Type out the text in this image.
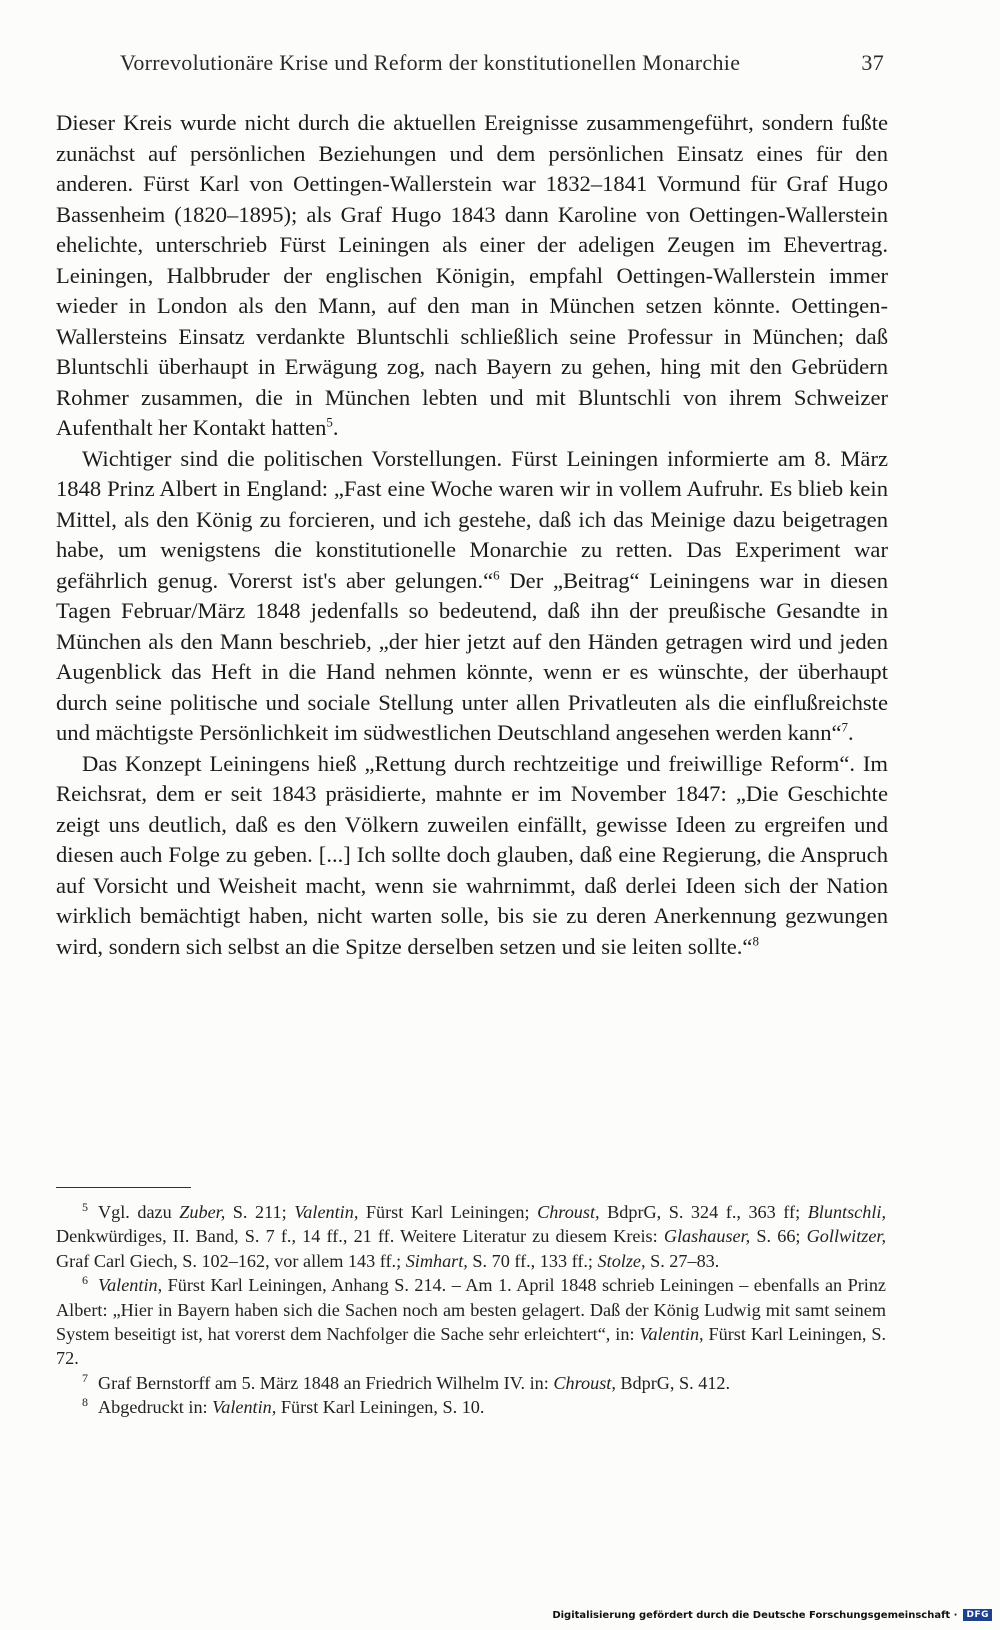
Vorrevolutionäre Krise und Reform der konstitutionellen Monarchie	37

Dieser Kreis wurde nicht durch die aktuellen Ereignisse zusammengeführt, sondern fußte zunächst auf persönlichen Beziehungen und dem persönlichen Einsatz eines für den anderen. Fürst Karl von Oettingen-Wallerstein war 1832–1841 Vormund für Graf Hugo Bassenheim (1820–1895); als Graf Hugo 1843 dann Karoline von Oettingen-Wallerstein ehelichte, unterschrieb Fürst Leiningen als einer der adeligen Zeugen im Ehevertrag. Leiningen, Halbbruder der englischen Königin, empfahl Oettingen-Wallerstein immer wieder in London als den Mann, auf den man in München setzen könnte. Oettingen-Wallersteins Einsatz verdankte Bluntschli schließlich seine Professur in München; daß Bluntschli überhaupt in Erwägung zog, nach Bayern zu gehen, hing mit den Gebrüdern Rohmer zusammen, die in München lebten und mit Bluntschli von ihrem Schweizer Aufenthalt her Kontakt hatten$^5$.

Wichtiger sind die politischen Vorstellungen. Fürst Leiningen informierte am 8. März 1848 Prinz Albert in England: „Fast eine Woche waren wir in vollem Aufruhr. Es blieb kein Mittel, als den König zu forcieren, und ich gestehe, daß ich das Meinige dazu beigetragen habe, um wenigstens die konstitutionelle Monarchie zu retten. Das Experiment war gefährlich genug. Vorerst ist's aber gelungen.“$^6$ Der „Beitrag“ Leiningens war in diesen Tagen Februar/März 1848 jedenfalls so bedeutend, daß ihn der preußische Gesandte in München als den Mann beschrieb, „der hier jetzt auf den Händen getragen wird und jeden Augenblick das Heft in die Hand nehmen könnte, wenn er es wünschte, der überhaupt durch seine politische und sociale Stellung unter allen Privatleuten als die einflußreichste und mächtigste Persönlichkeit im südwestlichen Deutschland angesehen werden kann“$^7$.

Das Konzept Leiningens hieß „Rettung durch rechtzeitige und freiwillige Reform“. Im Reichsrat, dem er seit 1843 präsidierte, mahnte er im November 1847: „Die Geschichte zeigt uns deutlich, daß es den Völkern zuweilen einfällt, gewisse Ideen zu ergreifen und diesen auch Folge zu geben. [...] Ich sollte doch glauben, daß eine Regierung, die Anspruch auf Vorsicht und Weisheit macht, wenn sie wahrnimmt, daß derlei Ideen sich der Nation wirklich bemächtigt haben, nicht warten solle, bis sie zu deren Anerkennung gezwungen wird, sondern sich selbst an die Spitze derselben setzen und sie leiten sollte.“$^8$

$^5$ Vgl. dazu Zuber, S. 211; Valentin, Fürst Karl Leiningen; Chroust, BdprG, S. 324 f., 363 ff; Bluntschli, Denkwürdiges, II. Band, S. 7 f., 14 ff., 21 ff. Weitere Literatur zu diesem Kreis: Glashauser, S. 66; Gollwitzer, Graf Carl Giech, S. 102–162, vor allem 143 ff.; Simhart, S. 70 ff., 133 ff.; Stolze, S. 27–83.

$^6$ Valentin, Fürst Karl Leiningen, Anhang S. 214. – Am 1. April 1848 schrieb Leiningen – ebenfalls an Prinz Albert: „Hier in Bayern haben sich die Sachen noch am besten gelagert. Daß der König Ludwig mit samt seinem System beseitigt ist, hat vorerst dem Nachfolger die Sache sehr erleichtert“, in: Valentin, Fürst Karl Leiningen, S. 72.

$^7$ Graf Bernstorff am 5. März 1848 an Friedrich Wilhelm IV. in: Chroust, BdprG, S. 412.

$^8$ Abgedruckt in: Valentin, Fürst Karl Leiningen, S. 10.

Digitalisierung gefördert durch die Deutsche Forschungsgemeinschaft ·	DFG
